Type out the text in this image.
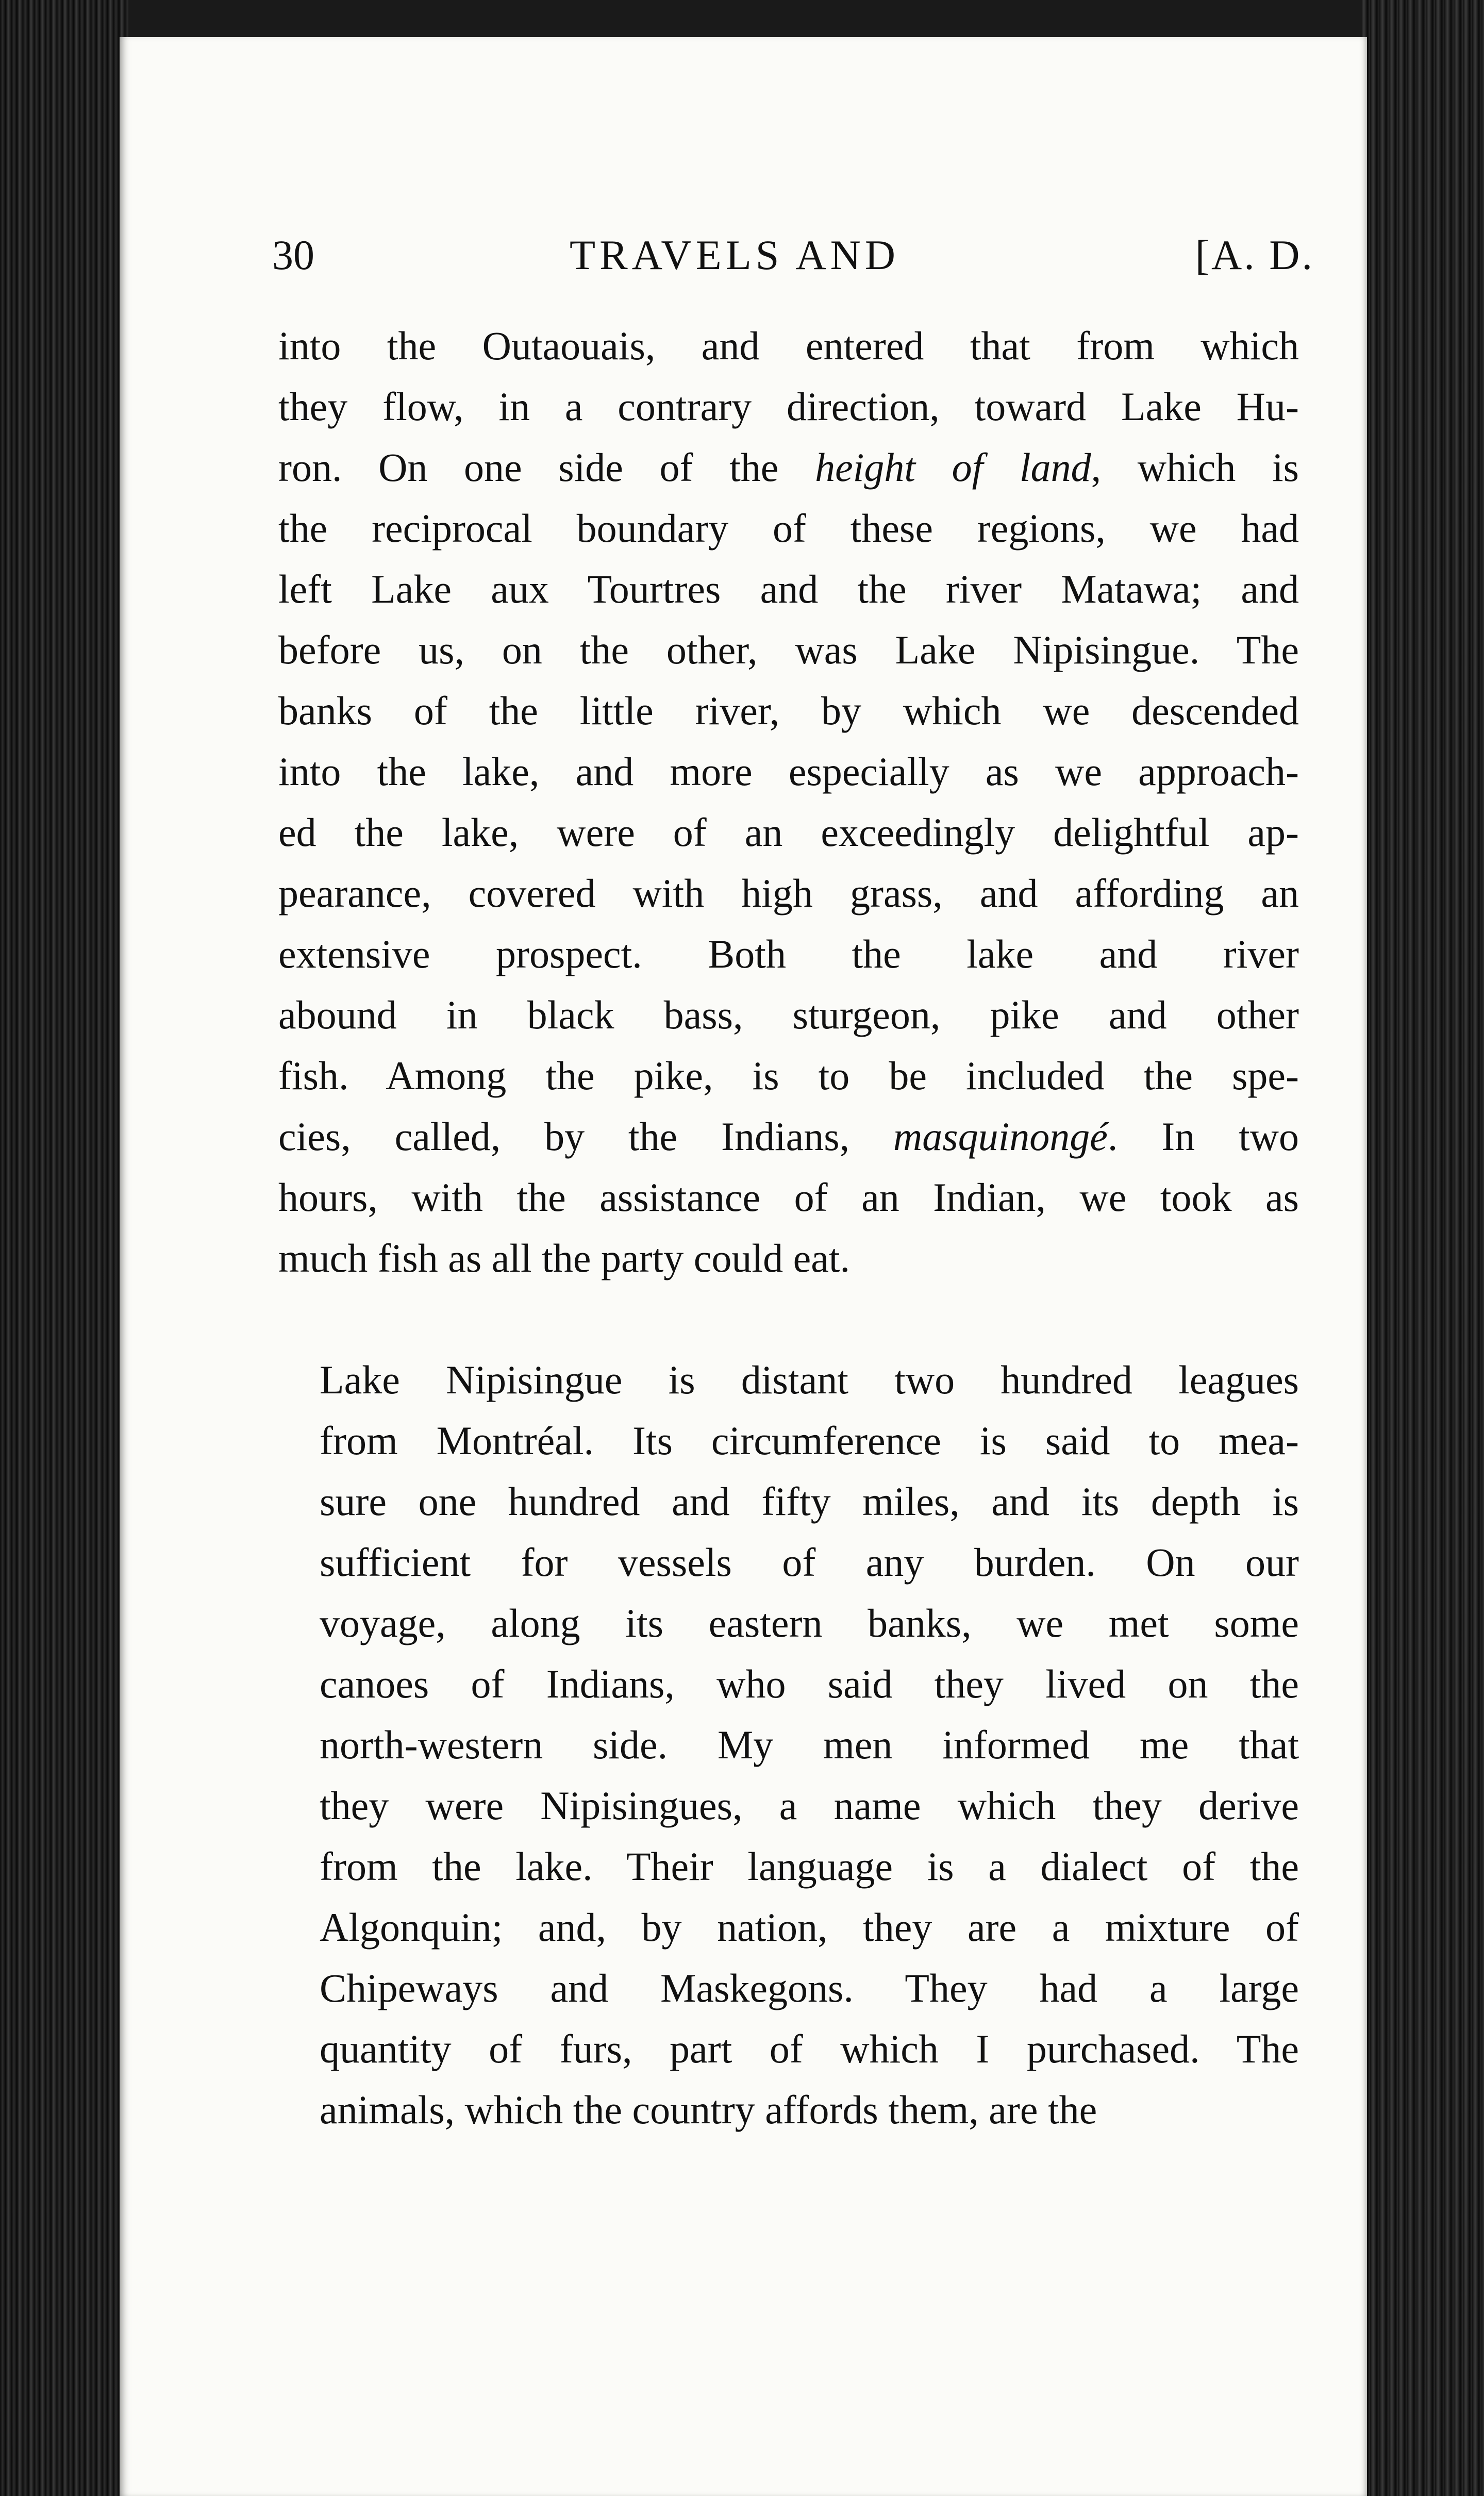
30	TRAVELS AND	[A. D.

into the Outaouais, and entered that from which
they flow, in a contrary direction, toward Lake Hu-
ron. On one side of the height of land, which is
the reciprocal boundary of these regions, we had
left Lake aux Tourtres and the river Matawa; and
before us, on the other, was Lake Nipisingue. The
banks of the little river, by which we descended
into the lake, and more especially as we approach-
ed the lake, were of an exceedingly delightful ap-
pearance, covered with high grass, and affording an
extensive prospect. Both the lake and river
abound in black bass, sturgeon, pike and other
fish. Among the pike, is to be included the spe-
cies, called, by the Indians, masquinongé. In two
hours, with the assistance of an Indian, we took as
much fish as all the party could eat.

Lake Nipisingue is distant two hundred leagues
from Montréal. Its circumference is said to mea-
sure one hundred and fifty miles, and its depth is
sufficient for vessels of any burden. On our
voyage, along its eastern banks, we met some
canoes of Indians, who said they lived on the
north-western side. My men informed me that
they were Nipisingues, a name which they derive
from the lake. Their language is a dialect of the
Algonquin; and, by nation, they are a mixture of
Chipeways and Maskegons. They had a large
quantity of furs, part of which I purchased. The
animals, which the country affords them, are the
